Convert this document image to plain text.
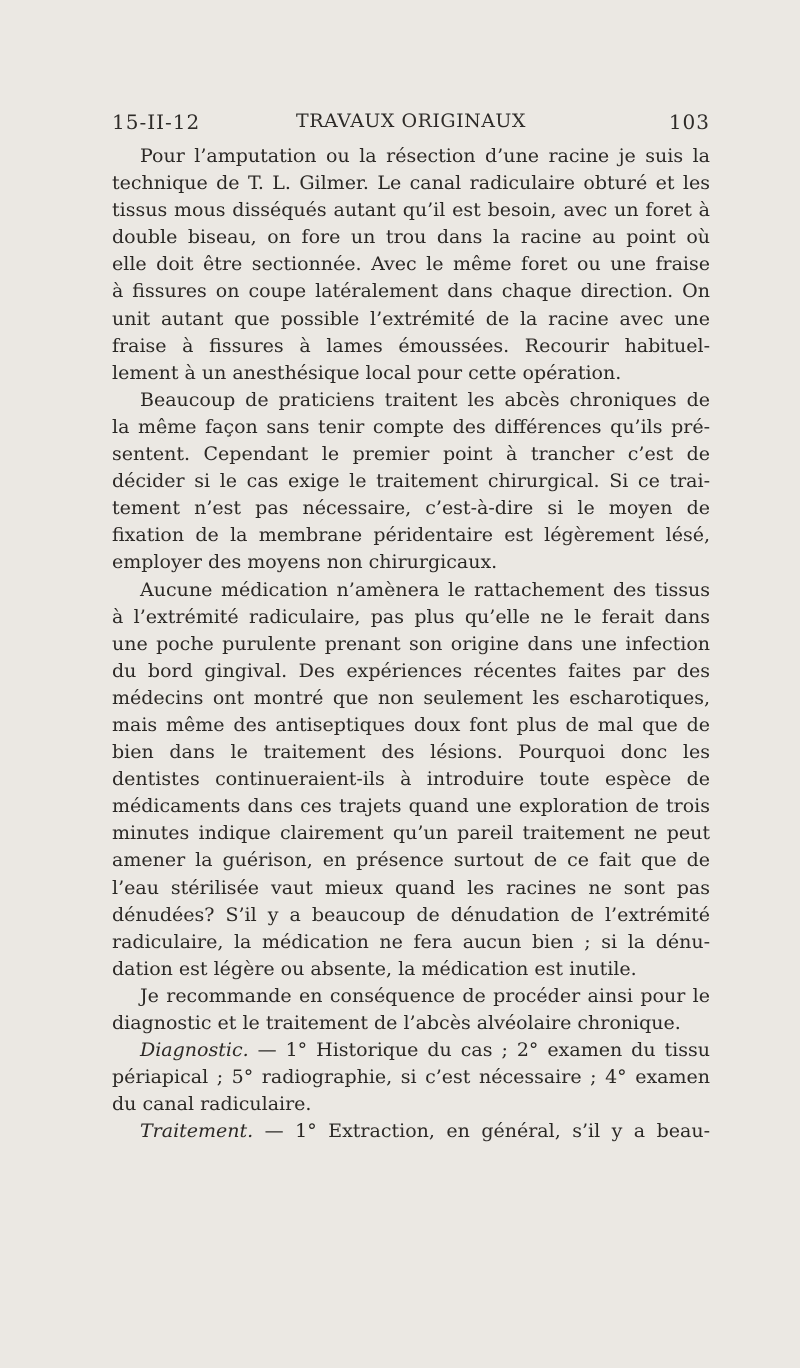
15-II-12	TRAVAUX ORIGINAUX	103
Pour l’amputation ou la résection d’une racine je suis la
technique de T. L. Gilmer. Le canal radiculaire obturé et les
tissus mous disséqués autant qu’il est besoin, avec un foret à
double biseau, on fore un trou dans la racine au point où
elle doit être sectionnée. Avec le même foret ou une fraise
à fissures on coupe latéralement dans chaque direction. On
unit autant que possible l’extrémité de la racine avec une
fraise à fissures à lames émoussées. Recourir habituel-
lement à un anesthésique local pour cette opération.
Beaucoup de praticiens traitent les abcès chroniques de
la même façon sans tenir compte des différences qu’ils pré-
sentent. Cependant le premier point à trancher c’est de
décider si le cas exige le traitement chirurgical. Si ce trai-
tement n’est pas nécessaire, c’est-à-dire si le moyen de
fixation de la membrane péridentaire est légèrement lésé,
employer des moyens non chirurgicaux.
Aucune médication n’amènera le rattachement des tissus
à l’extrémité radiculaire, pas plus qu’elle ne le ferait dans
une poche purulente prenant son origine dans une infection
du bord gingival. Des expériences récentes faites par des
médecins ont montré que non seulement les escharotiques,
mais même des antiseptiques doux font plus de mal que de
bien dans le traitement des lésions. Pourquoi donc les
dentistes continueraient-ils à introduire toute espèce de
médicaments dans ces trajets quand une exploration de trois
minutes indique clairement qu’un pareil traitement ne peut
amener la guérison, en présence surtout de ce fait que de
l’eau stérilisée vaut mieux quand les racines ne sont pas
dénudées? S’il y a beaucoup de dénudation de l’extrémité
radiculaire, la médication ne fera aucun bien ; si la dénu-
dation est légère ou absente, la médication est inutile.
Je recommande en conséquence de procéder ainsi pour le
diagnostic et le traitement de l’abcès alvéolaire chronique.
Diagnostic. — 1° Historique du cas ; 2° examen du tissu
périapical ; 5° radiographie, si c’est nécessaire ; 4° examen
du canal radiculaire.
Traitement. — 1° Extraction, en général, s’il y a beau-
